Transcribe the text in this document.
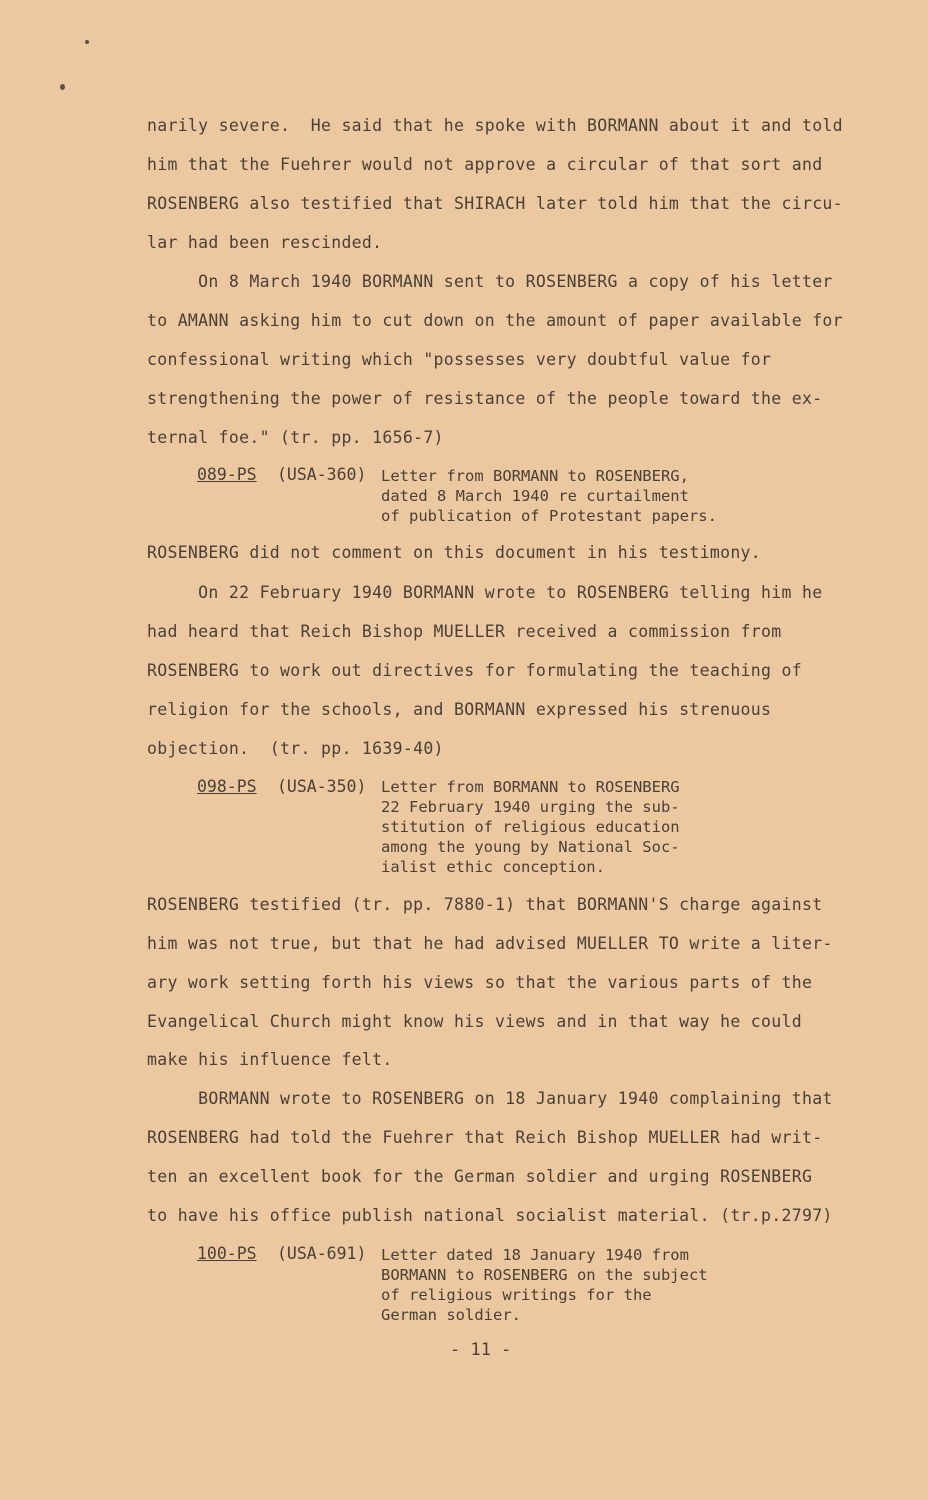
narily severe.  He said that he spoke with BORMANN about it and told
him that the Fuehrer would not approve a circular of that sort and
ROSENBERG also testified that SHIRACH later told him that the circu-
lar had been rescinded.
On 8 March 1940 BORMANN sent to ROSENBERG a copy of his letter
to AMANN asking him to cut down on the amount of paper available for
confessional writing which "possesses very doubtful value for
strengthening the power of resistance of the people toward the ex-
ternal foe." (tr. pp. 1656-7)
089-PS (USA-360) Letter from BORMANN to ROSENBERG,
dated 8 March 1940 re curtailment
of publication of Protestant papers.
ROSENBERG did not comment on this document in his testimony.
On 22 February 1940 BORMANN wrote to ROSENBERG telling him he
had heard that Reich Bishop MUELLER received a commission from
ROSENBERG to work out directives for formulating the teaching of
religion for the schools, and BORMANN expressed his strenuous
objection.  (tr. pp. 1639-40)
098-PS (USA-350) Letter from BORMANN to ROSENBERG
22 February 1940 urging the sub-
stitution of religious education
among the young by National Soc-
ialist ethic conception.
ROSENBERG testified (tr. pp. 7880-1) that BORMANN'S charge against
him was not true, but that he had advised MUELLER TO write a liter-
ary work setting forth his views so that the various parts of the
Evangelical Church might know his views and in that way he could
make his influence felt.
BORMANN wrote to ROSENBERG on 18 January 1940 complaining that
ROSENBERG had told the Fuehrer that Reich Bishop MUELLER had writ-
ten an excellent book for the German soldier and urging ROSENBERG
to have his office publish national socialist material. (tr.p.2797)
100-PS (USA-691) Letter dated 18 January 1940 from
BORMANN to ROSENBERG on the subject
of religious writings for the
German soldier.
- 11 -
